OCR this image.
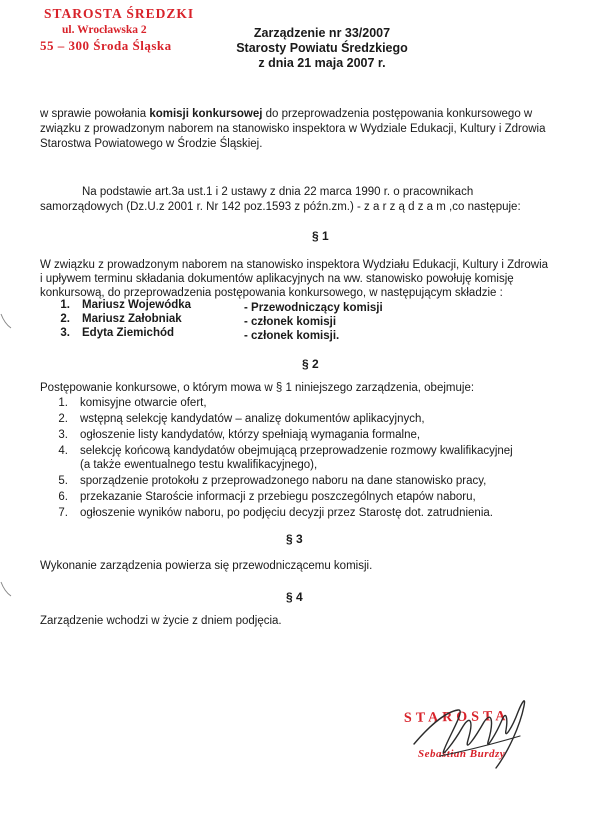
STAROSTA ŚREDZKI
ul. Wrocławska 2
55 – 300 Środa Śląska
Zarządzenie nr 33/2007
Starosty Powiatu Średzkiego
z dnia 21 maja 2007 r.
w sprawie powołania komisji konkursowej do przeprowadzenia postępowania konkursowego w
związku z prowadzonym naborem na stanowisko inspektora w Wydziale Edukacji, Kultury i Zdrowia
Starostwa Powiatowego w Środzie Śląskiej.
Na podstawie art.3a ust.1 i 2 ustawy z dnia 22 marca 1990 r. o pracownikach
samorządowych (Dz.U.z 2001 r. Nr 142 poz.1593 z późn.zm.) - z a r z ą d z a m ,co następuje:
§ 1
W związku z prowadzonym naborem na stanowisko inspektora Wydziału Edukacji, Kultury i Zdrowia
i upływem terminu składania dokumentów aplikacyjnych na ww. stanowisko powołuję komisję
konkursową, do przeprowadzenia postępowania konkursowego, w następującym składzie :
1. Mariusz Wojewódka	- Przewodniczący komisji
2. Mariusz Załobniak	- członek komisji
3. Edyta Ziemichód	- członek komisji.
§ 2
Postępowanie konkursowe, o którym mowa w § 1 niniejszego zarządzenia, obejmuje:
1. komisyjne otwarcie ofert,
2. wstępną selekcję kandydatów – analizę dokumentów aplikacyjnych,
3. ogłoszenie listy kandydatów, którzy spełniają wymagania formalne,
4. selekcję końcową kandydatów obejmującą przeprowadzenie rozmowy kwalifikacyjnej
(a także ewentualnego testu kwalifikacyjnego),
5. sporządzenie protokołu z przeprowadzonego naboru na dane stanowisko pracy,
6. przekazanie Staroście informacji z przebiegu poszczególnych etapów naboru,
7. ogłoszenie wyników naboru, po podjęciu decyzji przez Starostę dot. zatrudnienia.
§ 3
Wykonanie zarządzenia powierza się przewodniczącemu komisji.
§ 4
Zarządzenie wchodzi w życie z dniem podjęcia.
STAROSTA
Sebastian Burdzy
